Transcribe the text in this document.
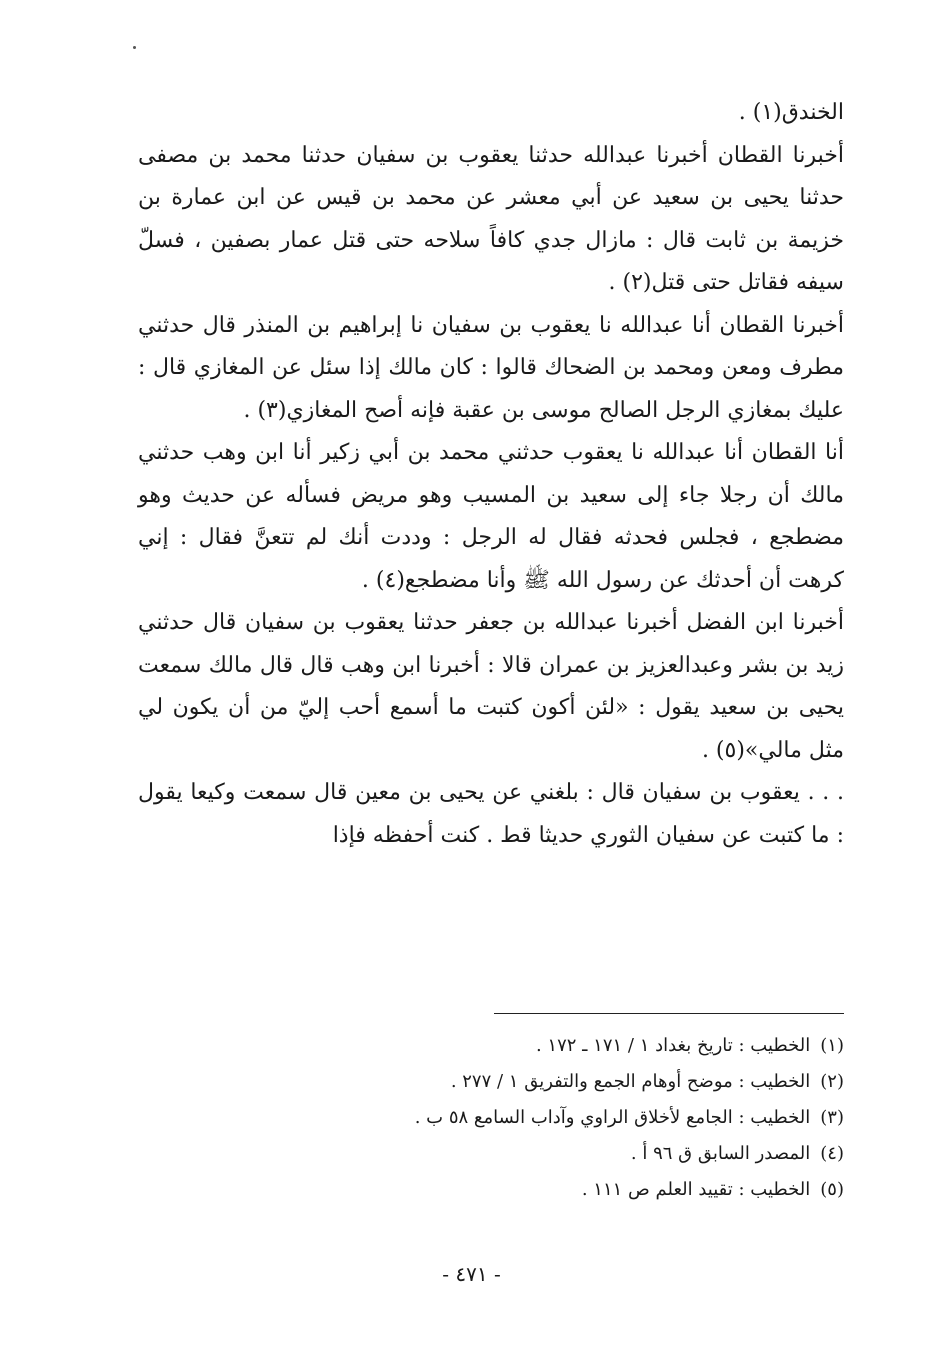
الخندق(١) .

أخبرنا القطان أخبرنا عبدالله حدثنا يعقوب بن سفيان حدثنا محمد بن مصفى حدثنا يحيى بن سعيد عن أبي معشر عن محمد بن قيس عن ابن عمارة بن خزيمة بن ثابت قال : مازال جدي كافاً سلاحه حتى قتل عمار بصفين ، فسلّ سيفه فقاتل حتى قتل(٢) .

أخبرنا القطان أنا عبدالله نا يعقوب بن سفيان نا إبراهيم بن المنذر قال حدثني مطرف ومعن ومحمد بن الضحاك قالوا : كان مالك إذا سئل عن المغازي قال : عليك بمغازي الرجل الصالح موسى بن عقبة فإنه أصح المغازي(٣) .

أنا القطان أنا عبدالله نا يعقوب حدثني محمد بن أبي زكير أنا ابن وهب حدثني مالك أن رجلا جاء إلى سعيد بن المسيب وهو مريض فسأله عن حديث وهو مضطجع ، فجلس فحدثه فقال له الرجل : وددت أنك لم تتعنَّ فقال : إني كرهت أن أحدثك عن رسول الله ﷺ وأنا مضطجع(٤) .

أخبرنا ابن الفضل أخبرنا عبدالله بن جعفر حدثنا يعقوب بن سفيان قال حدثني زيد بن بشر وعبدالعزيز بن عمران قالا : أخبرنا ابن وهب قال قال مالك سمعت يحيى بن سعيد يقول : «لئن أكون كتبت ما أسمع أحب إليّ من أن يكون لي مثل مالي»(٥) .

. . . يعقوب بن سفيان قال : بلغني عن يحيى بن معين قال سمعت وكيعا يقول : ما كتبت عن سفيان الثوري حديثا قط . كنت أحفظه فإذا

(١)الخطيب : تاريخ بغداد ١ / ١٧١ ـ ١٧٢ .
(٢)الخطيب : موضح أوهام الجمع والتفريق ١ / ٢٧٧ .
(٣)الخطيب : الجامع لأخلاق الراوي وآداب السامع ٥٨ ب .
(٤)المصدر السابق ق ٩٦ أ .
(٥)الخطيب : تقييد العلم ص ١١١ .
- ٤٧١ -
